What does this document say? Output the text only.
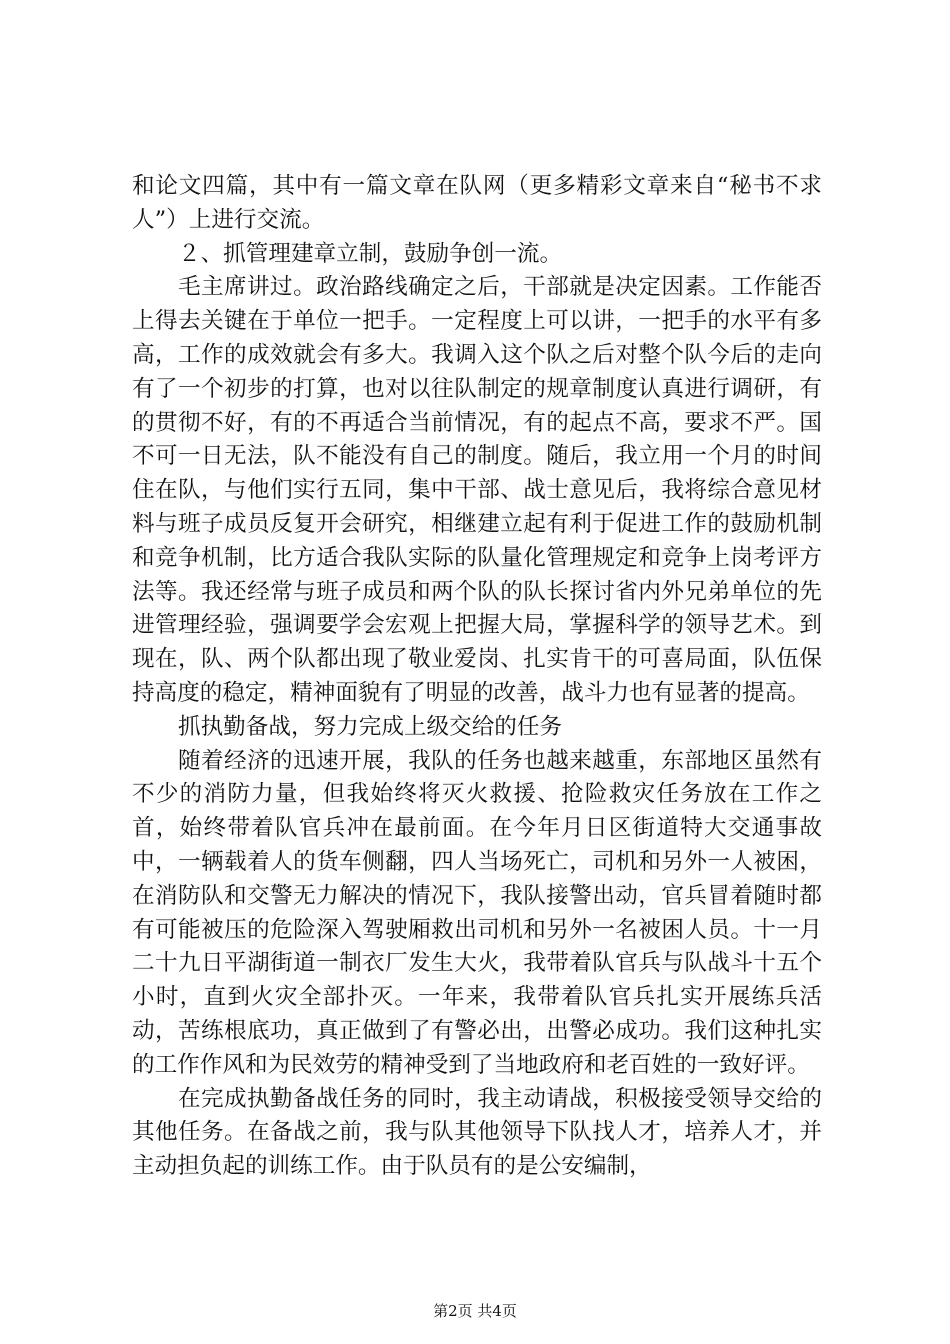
和论文四篇，其中有一篇文章在队网（更多精彩文章来自“秘书不求人”）上进行交流。

２、抓管理建章立制，鼓励争创一流。

毛主席讲过。政治路线确定之后，干部就是决定因素。工作能否上得去关键在于单位一把手。一定程度上可以讲，一把手的水平有多高，工作的成效就会有多大。我调入这个队之后对整个队今后的走向有了一个初步的打算，也对以往队制定的规章制度认真进行调研，有的贯彻不好，有的不再适合当前情况，有的起点不高，要求不严。国不可一日无法，队不能没有自己的制度。随后，我立用一个月的时间住在队，与他们实行五同，集中干部、战士意见后，我将综合意见材料与班子成员反复开会研究，相继建立起有利于促进工作的鼓励机制和竞争机制，比方适合我队实际的队量化管理规定和竞争上岗考评方法等。我还经常与班子成员和两个队的队长探讨省内外兄弟单位的先进管理经验，强调要学会宏观上把握大局，掌握科学的领导艺术。到现在，队、两个队都出现了敬业爱岗、扎实肯干的可喜局面，队伍保持高度的稳定，精神面貌有了明显的改善，战斗力也有显著的提高。

抓执勤备战，努力完成上级交给的任务

随着经济的迅速开展，我队的任务也越来越重，东部地区虽然有不少的消防力量，但我始终将灭火救援、抢险救灾任务放在工作之首，始终带着队官兵冲在最前面。在今年月日区街道特大交通事故中，一辆载着人的货车侧翻，四人当场死亡，司机和另外一人被困，在消防队和交警无力解决的情况下，我队接警出动，官兵冒着随时都有可能被压的危险深入驾驶厢救出司机和另外一名被困人员。十一月二十九日平湖街道一制衣厂发生大火，我带着队官兵与队战斗十五个小时，直到火灾全部扑灭。一年来，我带着队官兵扎实开展练兵活动，苦练根底功，真正做到了有警必出，出警必成功。我们这种扎实的工作作风和为民效劳的精神受到了当地政府和老百姓的一致好评。

在完成执勤备战任务的同时，我主动请战，积极接受领导交给的其他任务。在备战之前，我与队其他领导下队找人才，培养人才，并主动担负起的训练工作。由于队员有的是公安编制，

第2页 共4页
